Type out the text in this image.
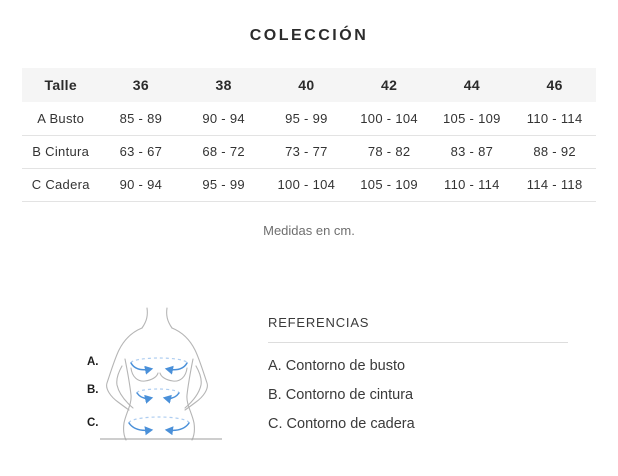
COLECCIÓN
Talle	36	38	40	42	44	46
A Busto	85 - 89	90 - 94	95 - 99	100 - 104	105 - 109	110 - 114
B Cintura	63 - 67	68 - 72	73 - 77	78 - 82	83 - 87	88 - 92
C Cadera	90 - 94	95 - 99	100 - 104	105 - 109	110 - 114	114 - 118
Medidas en cm.
A.
B.
C.
REFERENCIAS
A. Contorno de busto
B. Contorno de cintura
C. Contorno de cadera
